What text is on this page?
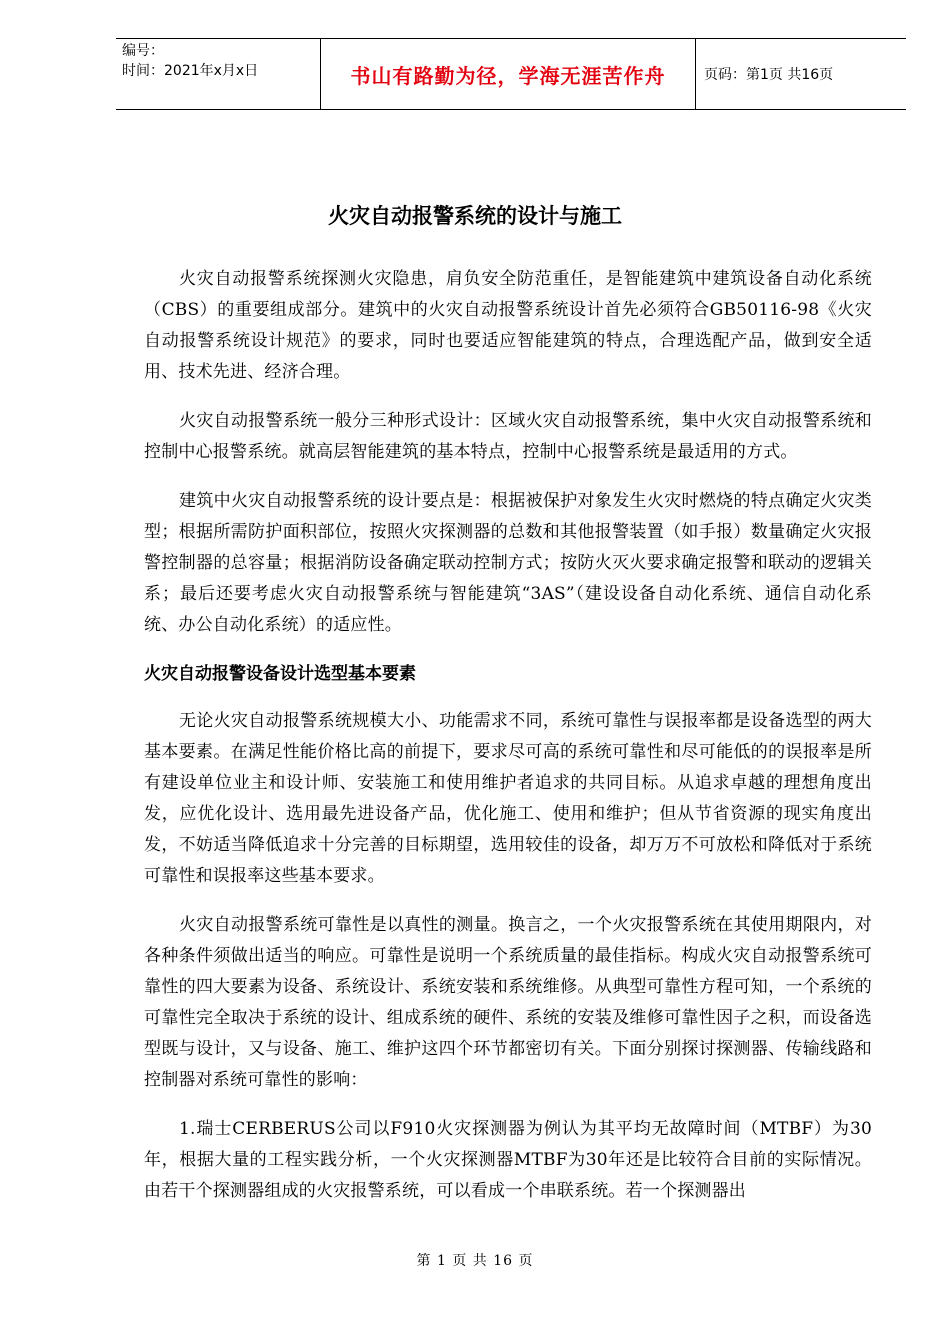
编号：
时间：2021年x月x日	书山有路勤为径，学海无涯苦作舟	页码：第1页 共16页
火灾自动报警系统的设计与施工

火灾自动报警系统探测火灾隐患，肩负安全防范重任，是智能建筑中建筑设备自动化系统（CBS）的重要组成部分。建筑中的火灾自动报警系统设计首先必须符合GB50116-98《火灾自动报警系统设计规范》的要求，同时也要适应智能建筑的特点，合理选配产品，做到安全适用、技术先进、经济合理。

火灾自动报警系统一般分三种形式设计：区域火灾自动报警系统，集中火灾自动报警系统和控制中心报警系统。就高层智能建筑的基本特点，控制中心报警系统是最适用的方式。

建筑中火灾自动报警系统的设计要点是：根据被保护对象发生火灾时燃烧的特点确定火灾类型；根据所需防护面积部位，按照火灾探测器的总数和其他报警装置（如手报）数量确定火灾报警控制器的总容量；根据消防设备确定联动控制方式；按防火灭火要求确定报警和联动的逻辑关系；最后还要考虑火灾自动报警系统与智能建筑“3AS”（建设设备自动化系统、通信自动化系统、办公自动化系统）的适应性。

火灾自动报警设备设计选型基本要素

无论火灾自动报警系统规模大小、功能需求不同，系统可靠性与误报率都是设备选型的两大基本要素。在满足性能价格比高的前提下，要求尽可高的系统可靠性和尽可能低的的误报率是所有建设单位业主和设计师、安装施工和使用维护者追求的共同目标。从追求卓越的理想角度出发，应优化设计、选用最先进设备产品，优化施工、使用和维护；但从节省资源的现实角度出发，不妨适当降低追求十分完善的目标期望，选用较佳的设备，却万万不可放松和降低对于系统可靠性和误报率这些基本要求。

火灾自动报警系统可靠性是以真性的测量。换言之，一个火灾报警系统在其使用期限内，对各种条件须做出适当的响应。可靠性是说明一个系统质量的最佳指标。构成火灾自动报警系统可靠性的四大要素为设备、系统设计、系统安装和系统维修。从典型可靠性方程可知，一个系统的可靠性完全取决于系统的设计、组成系统的硬件、系统的安装及维修可靠性因子之积，而设备选型既与设计，又与设备、施工、维护这四个环节都密切有关。下面分别探讨探测器、传输线路和控制器对系统可靠性的影响：

1.瑞士CERBERUS公司以F910火灾探测器为例认为其平均无故障时间（MTBF）为30年，根据大量的工程实践分析，一个火灾探测器MTBF为30年还是比较符合目前的实际情况。由若干个探测器组成的火灾报警系统，可以看成一个串联系统。若一个探测器出

第 1 页 共 16 页
